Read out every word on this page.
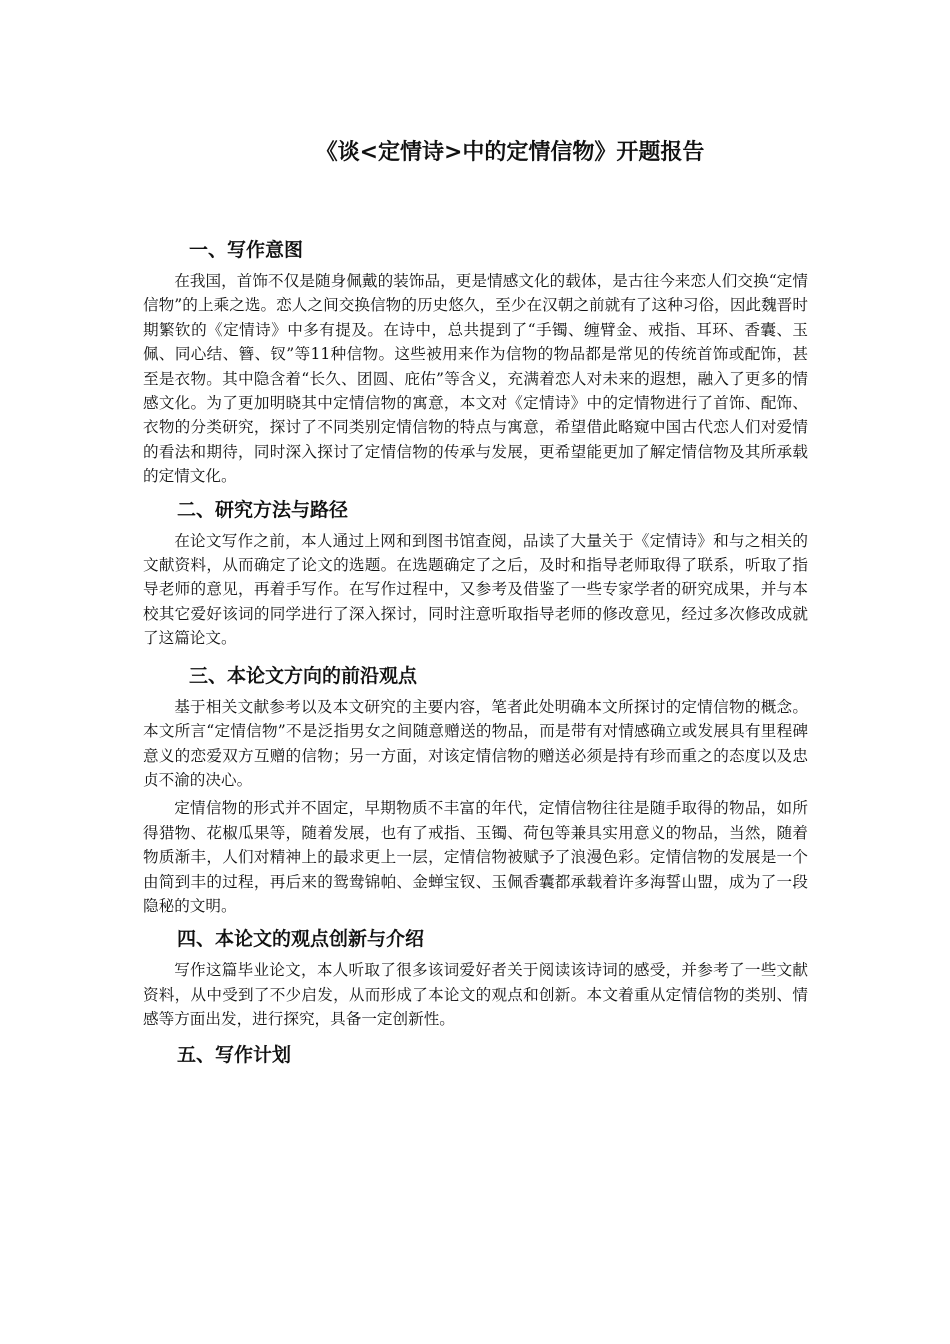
《谈<定情诗>中的定情信物》开题报告
一、写作意图

在我国，首饰不仅是随身佩戴的装饰品，更是情感文化的载体，是古往今来恋人们交换“定情信物”的上乘之选。恋人之间交换信物的历史悠久，至少在汉朝之前就有了这种习俗，因此魏晋时期繁钦的《定情诗》中多有提及。在诗中，总共提到了“手镯、缠臂金、戒指、耳环、香囊、玉佩、同心结、簪、钗”等11种信物。这些被用来作为信物的物品都是常见的传统首饰或配饰，甚至是衣物。其中隐含着“长久、团圆、庇佑”等含义，充满着恋人对未来的遐想，融入了更多的情感文化。为了更加明晓其中定情信物的寓意，本文对《定情诗》中的定情物进行了首饰、配饰、衣物的分类研究，探讨了不同类别定情信物的特点与寓意，希望借此略窥中国古代恋人们对爱情的看法和期待，同时深入探讨了定情信物的传承与发展，更希望能更加了解定情信物及其所承载的定情文化。

二、研究方法与路径

在论文写作之前，本人通过上网和到图书馆查阅，品读了大量关于《定情诗》和与之相关的文献资料，从而确定了论文的选题。在选题确定了之后，及时和指导老师取得了联系，听取了指导老师的意见，再着手写作。在写作过程中，又参考及借鉴了一些专家学者的研究成果，并与本校其它爱好该词的同学进行了深入探讨，同时注意听取指导老师的修改意见，经过多次修改成就了这篇论文。

三、本论文方向的前沿观点

基于相关文献参考以及本文研究的主要内容，笔者此处明确本文所探讨的定情信物的概念。本文所言“定情信物”不是泛指男女之间随意赠送的物品，而是带有对情感确立或发展具有里程碑意义的恋爱双方互赠的信物；另一方面，对该定情信物的赠送必须是持有珍而重之的态度以及忠贞不渝的决心。

定情信物的形式并不固定，早期物质不丰富的年代，定情信物往往是随手取得的物品，如所得猎物、花椒瓜果等，随着发展，也有了戒指、玉镯、荷包等兼具实用意义的物品，当然，随着物质渐丰，人们对精神上的最求更上一层，定情信物被赋予了浪漫色彩。定情信物的发展是一个由简到丰的过程，再后来的鸳鸯锦帕、金蝉宝钗、玉佩香囊都承载着许多海誓山盟，成为了一段隐秘的文明。

四、本论文的观点创新与介绍

写作这篇毕业论文，本人听取了很多该词爱好者关于阅读该诗词的感受，并参考了一些文献资料，从中受到了不少启发，从而形成了本论文的观点和创新。本文着重从定情信物的类别、情感等方面出发，进行探究，具备一定创新性。

五、写作计划
